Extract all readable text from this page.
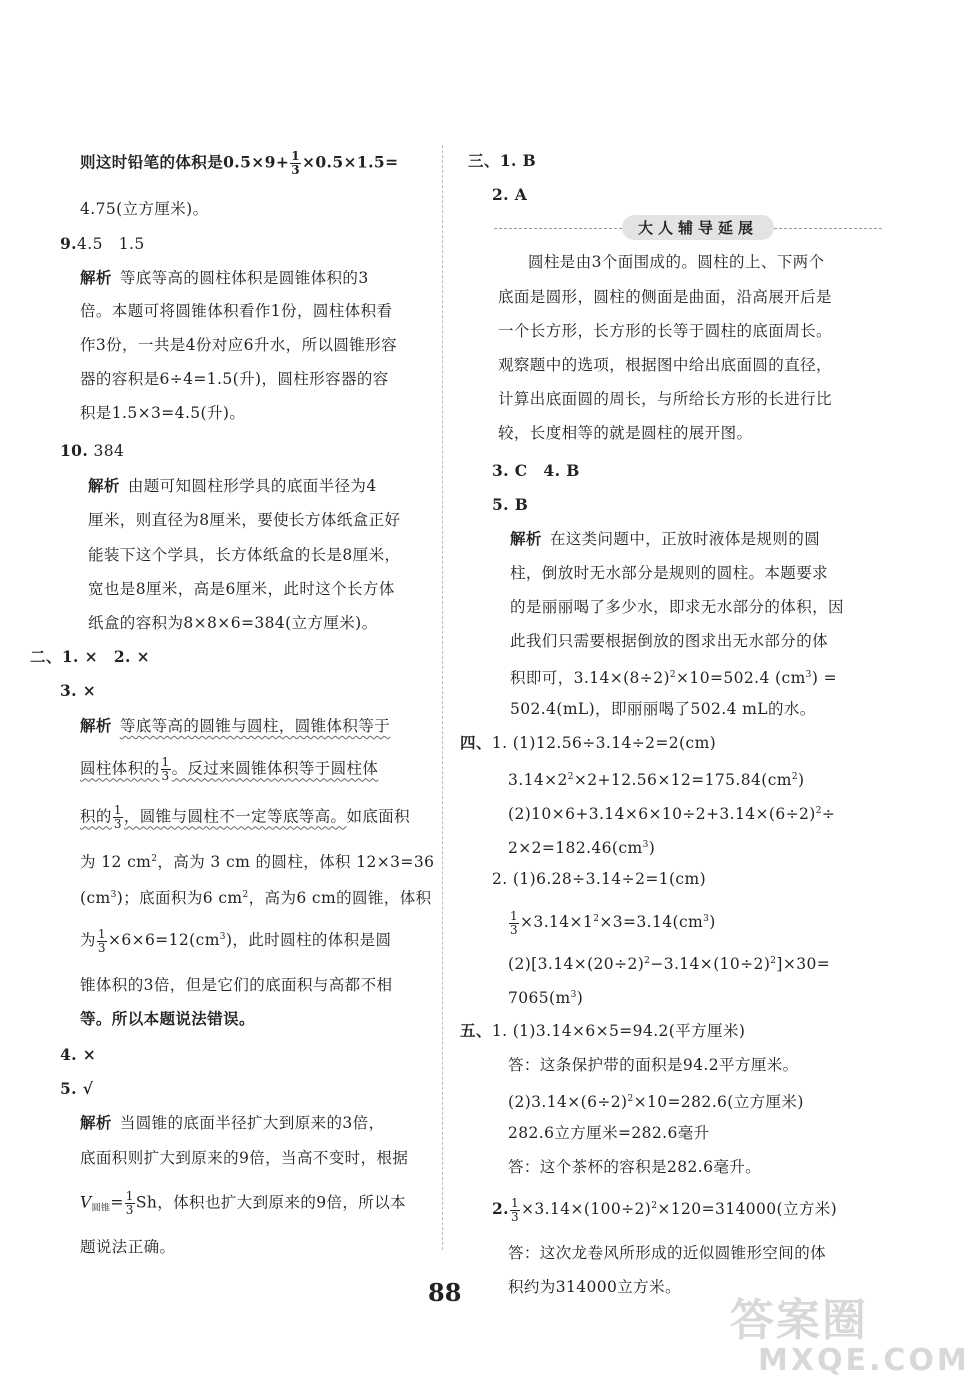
则这时铅笔的体积是$0.5\times 9+ \frac{1}{3} \times 0.5\times 1.5=$
4.75(立方厘米)。
9.4.5　1.5
解析 等底等高的圆柱体积是圆锥体积的3
倍。本题可将圆锥体积看作1份，圆柱体积看
作3份，一共是4份对应6升水，所以圆锥形容
器的容积是6÷4=1.5(升)，圆柱形容器的容
积是1.5×3=4.5(升)。
10. 384
解析 由题可知圆柱形学具的底面半径为4
厘米，则直径为8厘米，要使长方体纸盒正好
能装下这个学具，长方体纸盒的长是8厘米，
宽也是8厘米，高是6厘米，此时这个长方体
纸盒的容积为8×8×6=384(立方厘米)。
二、1. ×　2. ×
3. ×
解析 等底等高的圆锥与圆柱，圆锥体积等于
圆柱体积的 $\frac{1}{3}$ 。反过来圆锥体积等于圆柱体
积的 $\frac{1}{3}$ ，圆锥与圆柱不一定等底等高。如底面积
为 12 $cm^2$，高为 3 cm 的圆柱，体积 12×3=36
$(cm^3)$；底面积为6 $cm^2$，高为6 cm的圆锥，体积
为 $\frac{1}{3} \times 6\times 6=12(cm^3)$，此时圆柱的体积是圆
锥体积的3倍，但是它们的底面积与高都不相
等。所以本题说法错误。
4. ×
5. √
解析 当圆锥的底面半径扩大到原来的3倍，
底面积则扩大到原来的9倍，当高不变时，根据
$V_{圆锥}= \frac{1}{3}$ Sh，体积也扩大到原来的9倍，所以本
题说法正确。
三、1. B
2. A
大人辅导延展
圆柱是由3个面围成的。圆柱的上、下两个
底面是圆形，圆柱的侧面是曲面，沿高展开后是
一个长方形，长方形的长等于圆柱的底面周长。
观察题中的选项，根据图中给出底面圆的直径，
计算出底面圆的周长，与所给长方形的长进行比
较，长度相等的就是圆柱的展开图。
3. C　4. B
5. B
解析 在这类问题中，正放时液体是规则的圆
柱，倒放时无水部分是规则的圆柱。本题要求
的是丽丽喝了多少水，即求无水部分的体积，因
此我们只需要根据倒放的图求出无水部分的体
积即可，$3.14\times(8\div 2)^2\times 10=502.4$ $(cm^3)$ =
502.4(mL)，即丽丽喝了502.4 mL的水。
四、1. (1)12.56÷3.14÷2=2(cm)
$3.14\times 2^2\times 2+12.56\times 12=175.84(cm^2)$
$(2)10\times 6+3.14\times 6\times 10\div 2+3.14\times(6\div 2)^2\div$
$2\times 2=182.46(cm^3)$
2. (1)6.28÷3.14÷2=1(cm)
$\frac{1}{3} \times 3.14\times 1^2\times 3=3.14(cm^3)$
$(2)[3.14\times(20\div 2)^2-3.14\times(10\div 2)^2]\times 30=$
$7065(m^3)$
五、1. (1)3.14×6×5=94.2(平方厘米)
答：这条保护带的面积是94.2平方厘米。
$(2)3.14\times(6\div 2)^2\times 10=282.6$(立方厘米)
282.6立方厘米=282.6毫升
答：这个茶杯的容积是282.6毫升。
2. $\frac{1}{3} \times 3.14\times(100\div 2)^2\times 120=314000$(立方米)
答：这次龙卷风所形成的近似圆锥形空间的体
积约为314000立方米。
88
答案圈
MXQE.COM
